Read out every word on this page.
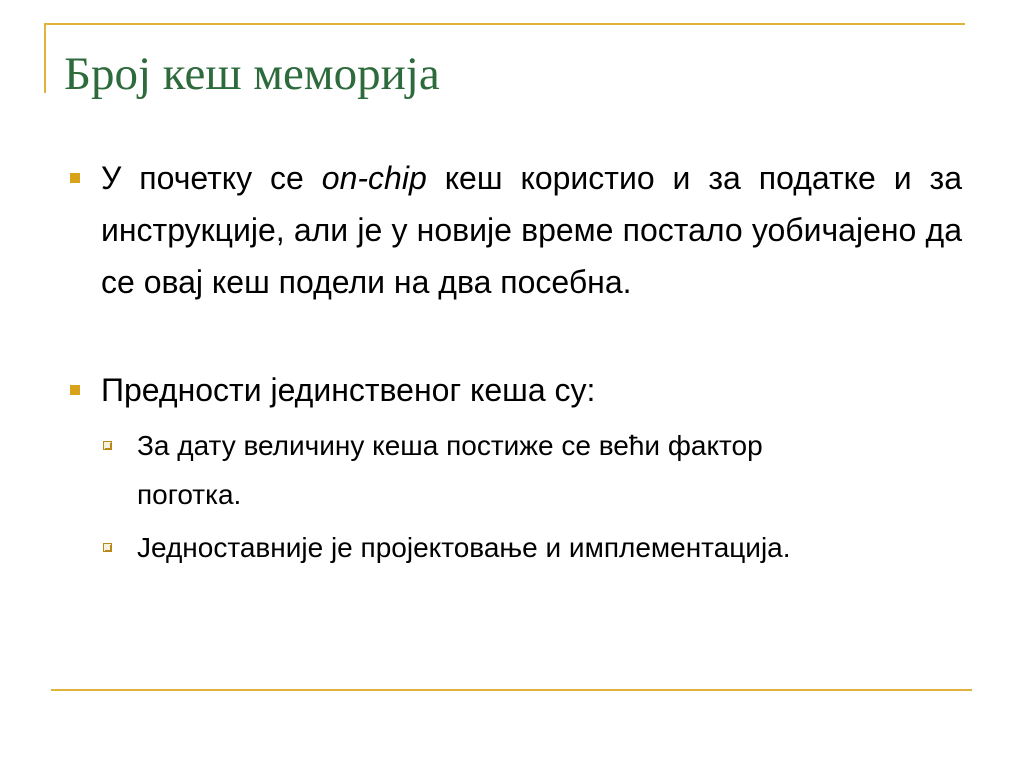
Број кеш меморија
У почетку се on-chip кеш користио и за податке и за инструкције, али је у новије време постало уобичајено да се овај кеш подели на два посебна.
Предности јединственог кеша су:
За дату величину кеша постиже се већи фактор поготка.
Једноставније је пројектовање и имплементација.
